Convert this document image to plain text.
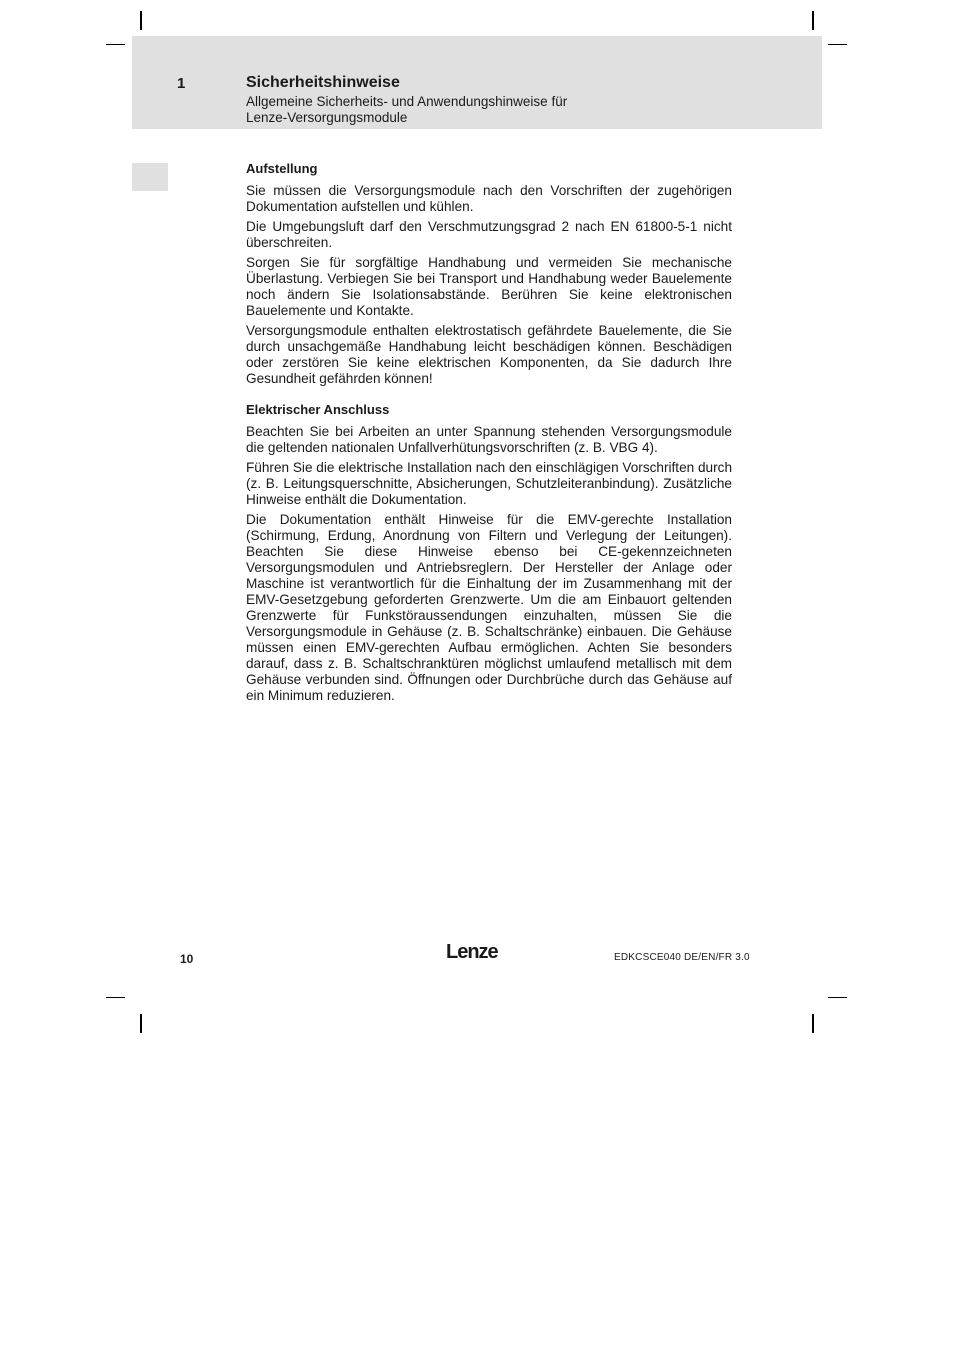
1	Sicherheitshinweise
Allgemeine Sicherheits- und Anwendungshinweise für
Lenze-Versorgungsmodule
Aufstellung

Sie müssen die Versorgungsmodule nach den Vorschriften der zugehörigen Dokumentation aufstellen und kühlen.

Die Umgebungsluft darf den Verschmutzungsgrad 2 nach EN 61800-5-1 nicht überschreiten.

Sorgen Sie für sorgfältige Handhabung und vermeiden Sie mechanische Überlastung. Verbiegen Sie bei Transport und Handhabung weder Bauelemente noch ändern Sie Isolationsabstände. Berühren Sie keine elektronischen Bauelemente und Kontakte.

Versorgungsmodule enthalten elektrostatisch gefährdete Bauelemente, die Sie durch unsachgemäße Handhabung leicht beschädigen können. Beschädigen oder zerstören Sie keine elektrischen Komponenten, da Sie dadurch Ihre Gesundheit gefährden können!

Elektrischer Anschluss

Beachten Sie bei Arbeiten an unter Spannung stehenden Versorgungsmodule die geltenden nationalen Unfallverhütungsvorschriften (z. B. VBG 4).

Führen Sie die elektrische Installation nach den einschlägigen Vorschriften durch (z. B. Leitungsquerschnitte, Absicherungen, Schutzleiteranbindung). Zusätzliche Hinweise enthält die Dokumentation.

Die Dokumentation enthält Hinweise für die EMV-gerechte Installation (Schirmung, Erdung, Anordnung von Filtern und Verlegung der Leitungen). Beachten Sie diese Hinweise ebenso bei CE-gekennzeichneten Versorgungsmodulen und Antriebsreglern. Der Hersteller der Anlage oder Maschine ist verantwortlich für die Einhaltung der im Zusammenhang mit der EMV-Gesetzgebung geforderten Grenzwerte. Um die am Einbauort geltenden Grenzwerte für Funkstöraussendungen einzuhalten, müssen Sie die Versorgungsmodule in Gehäuse (z. B. Schaltschränke) einbauen. Die Gehäuse müssen einen EMV-gerechten Aufbau ermöglichen. Achten Sie besonders darauf, dass z. B. Schaltschranktüren möglichst umlaufend metallisch mit dem Gehäuse verbunden sind. Öffnungen oder Durchbrüche durch das Gehäuse auf ein Minimum reduzieren.

10	Lenze	EDKCSCE040 DE/EN/FR 3.0
